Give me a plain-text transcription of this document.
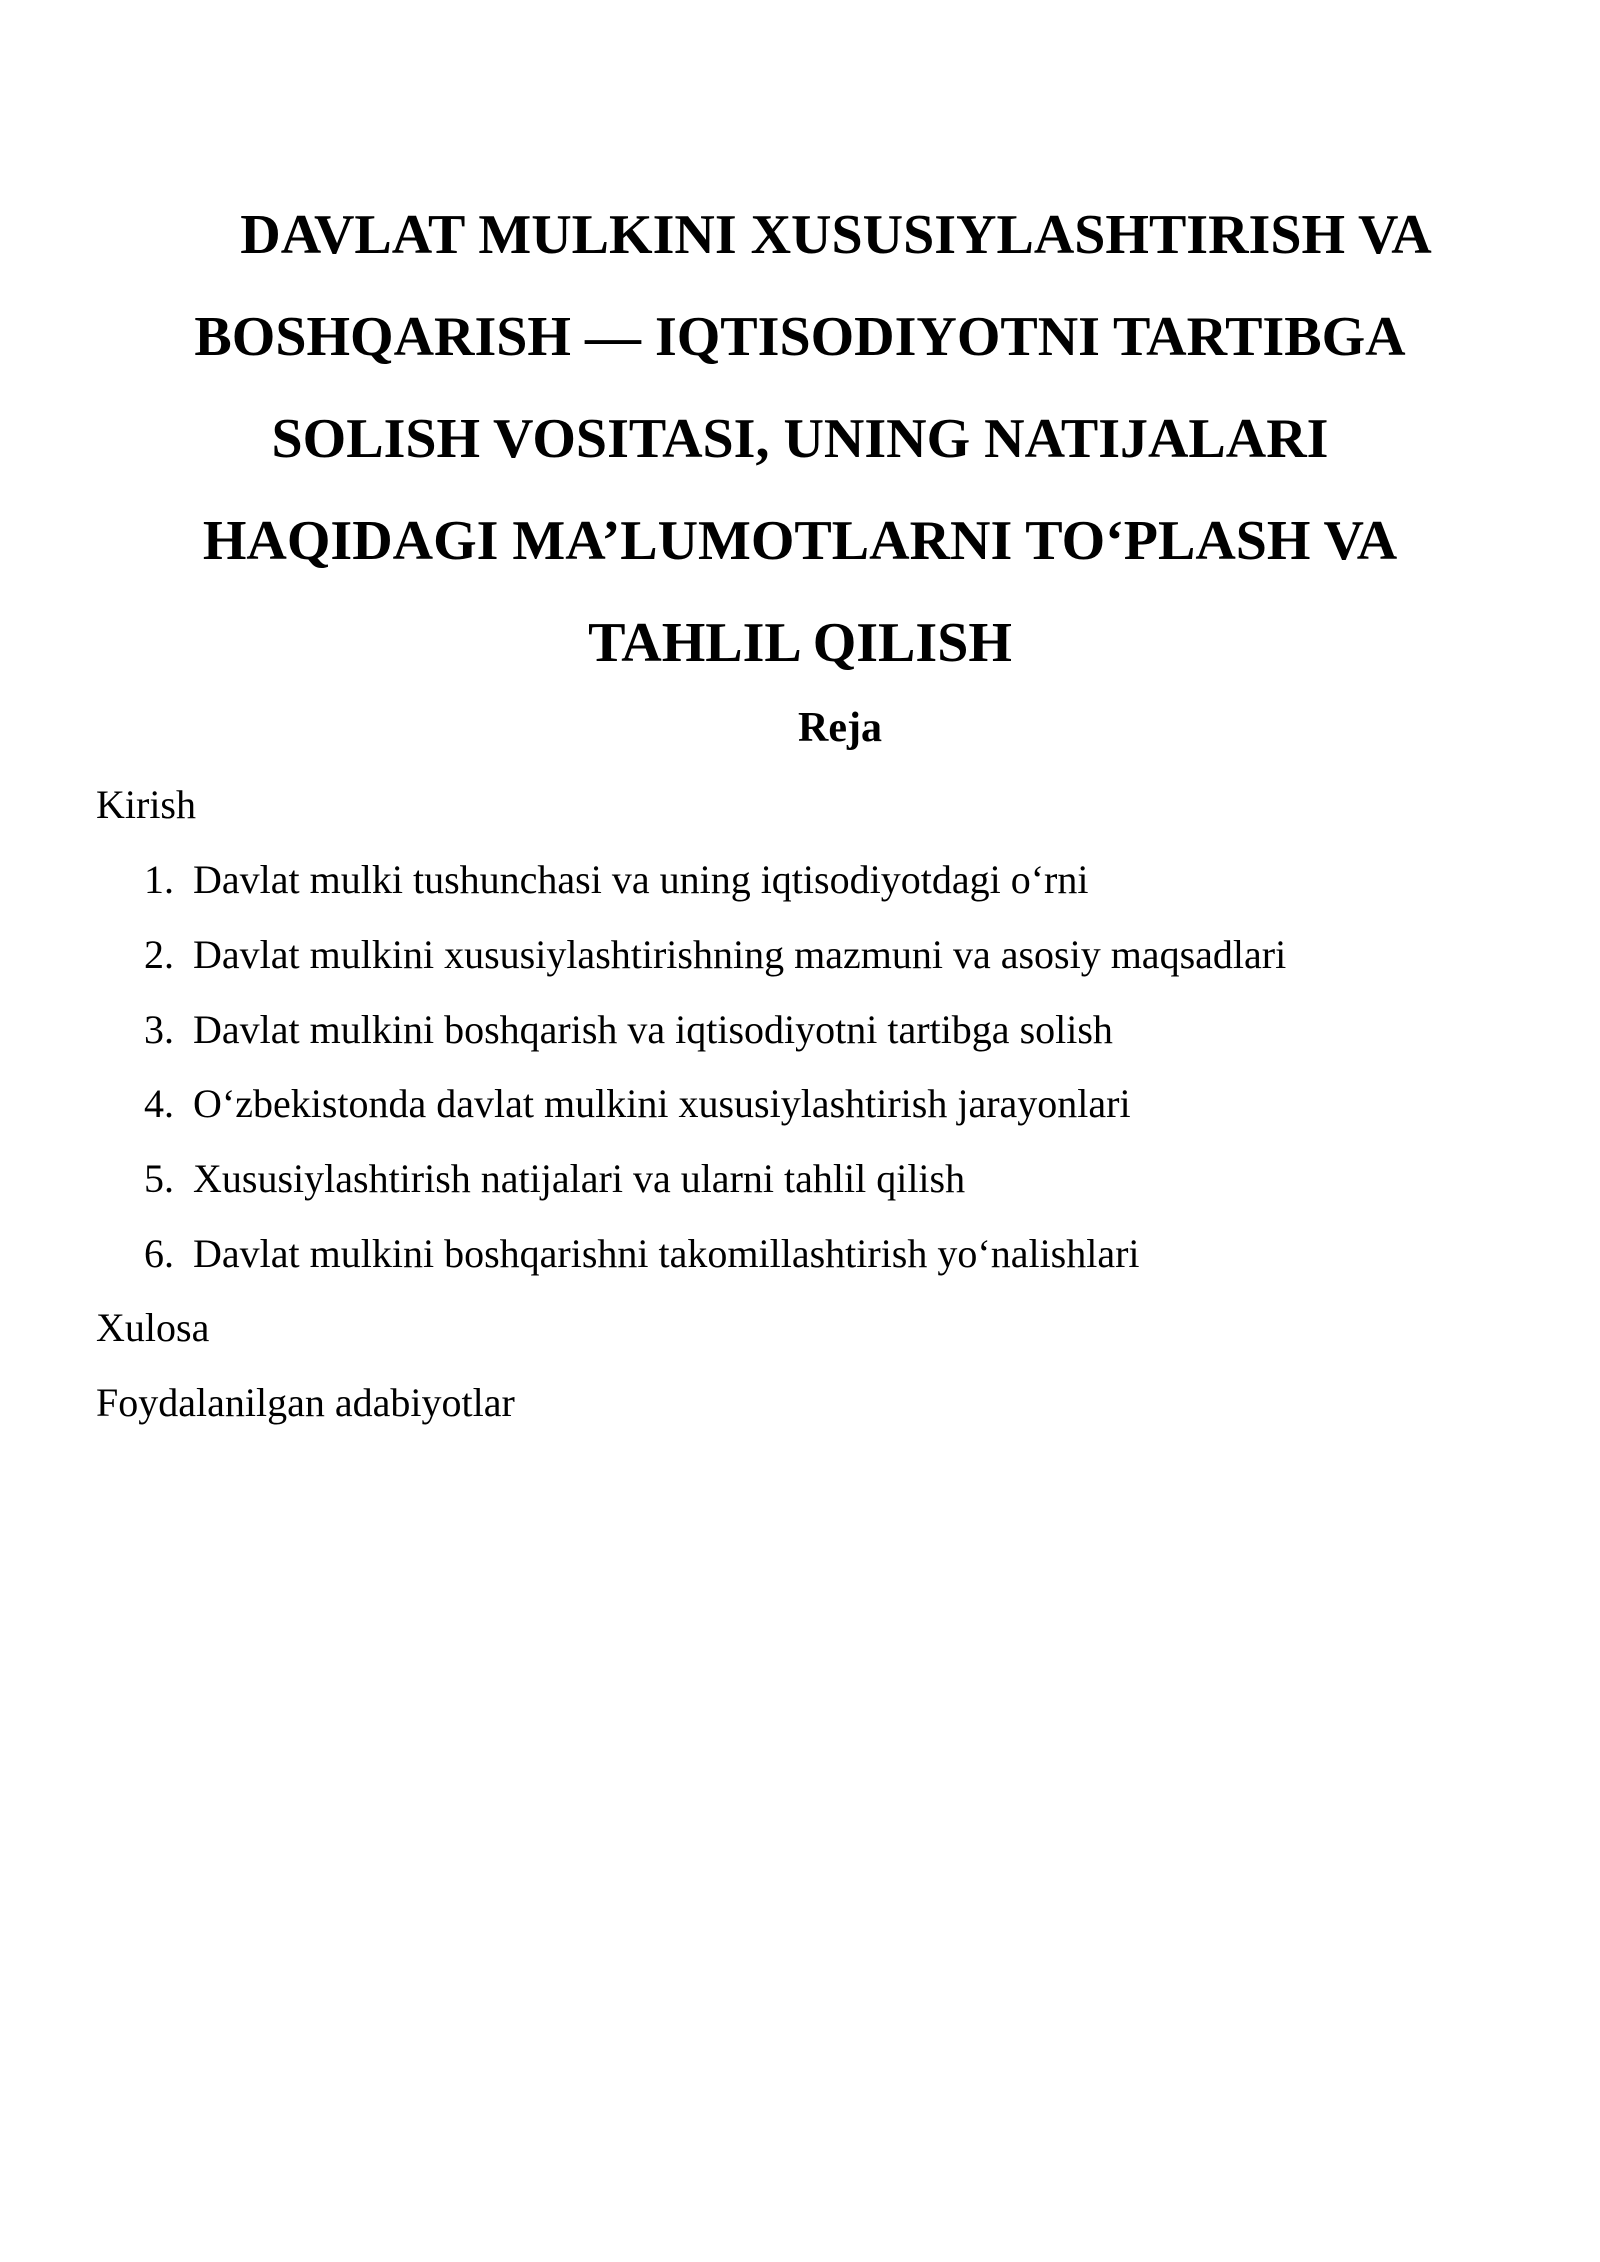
DAVLAT MULKINI XUSUSIYLASHTIRISH VA BOSHQARISH — IQTISODIYOTNI TARTIBGA SOLISH VOSITASI, UNING NATIJALARI HAQIDAGI MA’LUMOTLARNI TO‘PLASH VA TAHLIL QILISH

Reja

Kirish

1. Davlat mulki tushunchasi va uning iqtisodiyotdagi o‘rni
2. Davlat mulkini xususiylashtirishning mazmuni va asosiy maqsadlari
3. Davlat mulkini boshqarish va iqtisodiyotni tartibga solish
4. O‘zbekistonda davlat mulkini xususiylashtirish jarayonlari
5. Xususiylashtirish natijalari va ularni tahlil qilish
6. Davlat mulkini boshqarishni takomillashtirish yo‘nalishlari

Xulosa

Foydalanilgan adabiyotlar
